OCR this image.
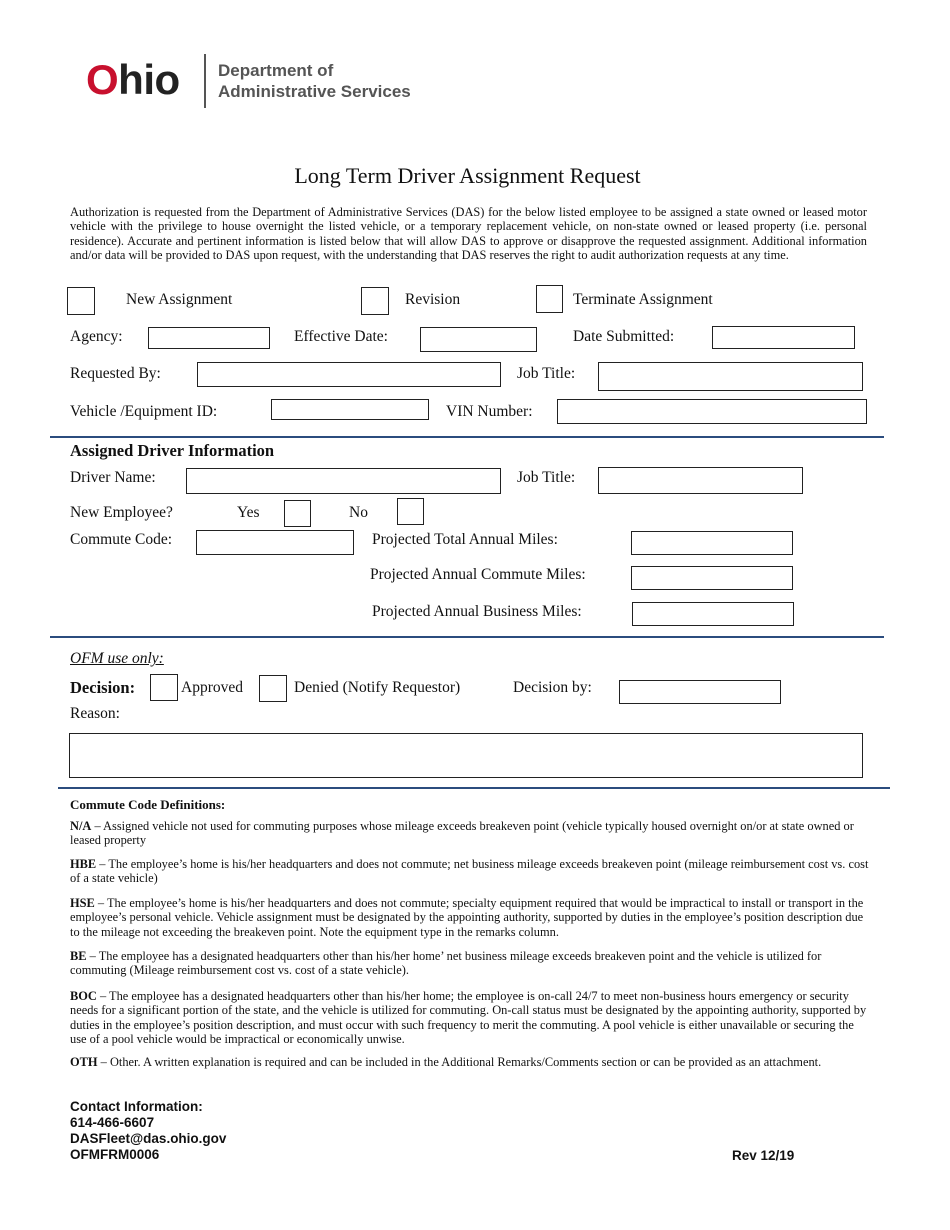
Ohio Department of
Administrative Services
Long Term Driver Assignment Request
Authorization is requested from the Department of Administrative Services (DAS) for the below listed employee to be assigned a state owned or leased motor vehicle with the privilege to house overnight the listed vehicle, or a temporary replacement vehicle, on non-state owned or leased property (i.e. personal residence). Accurate and pertinent information is listed below that will allow DAS to approve or disapprove the requested assignment. Additional information and/or data will be provided to DAS upon request, with the understanding that DAS reserves the right to audit authorization requests at any time.
New Assignment	Revision	Terminate Assignment
Agency:	Effective Date:	Date Submitted:
Requested By:	Job Title:
Vehicle /Equipment ID:	VIN Number:
Assigned Driver Information
Driver Name:	Job Title:
New Employee?	Yes	No
Commute Code:	Projected Total Annual Miles:
Projected Annual Commute Miles:
Projected Annual Business Miles:
OFM use only:
Decision:	Approved	Denied (Notify Requestor)	Decision by:
Reason:
Commute Code Definitions:
N/A – Assigned vehicle not used for commuting purposes whose mileage exceeds breakeven point (vehicle typically housed overnight on/or at state owned or leased property
HBE – The employee’s home is his/her headquarters and does not commute; net business mileage exceeds breakeven point (mileage reimbursement cost vs. cost of a state vehicle)
HSE – The employee’s home is his/her headquarters and does not commute; specialty equipment required that would be impractical to install or transport in the employee’s personal vehicle. Vehicle assignment must be designated by the appointing authority, supported by duties in the employee’s position description due to the mileage not exceeding the breakeven point. Note the equipment type in the remarks column.
BE – The employee has a designated headquarters other than his/her home’ net business mileage exceeds breakeven point and the vehicle is utilized for commuting (Mileage reimbursement cost vs. cost of a state vehicle).
BOC – The employee has a designated headquarters other than his/her home; the employee is on-call 24/7 to meet non-business hours emergency or security needs for a significant portion of the state, and the vehicle is utilized for commuting. On-call status must be designated by the appointing authority, supported by duties in the employee’s position description, and must occur with such frequency to merit the commuting. A pool vehicle is either unavailable or securing the use of a pool vehicle would be impractical or economically unwise.
OTH – Other. A written explanation is required and can be included in the Additional Remarks/Comments section or can be provided as an attachment.
Contact Information:
614-466-6607
DASFleet@das.ohio.gov
OFMFRM0006	Rev 12/19
